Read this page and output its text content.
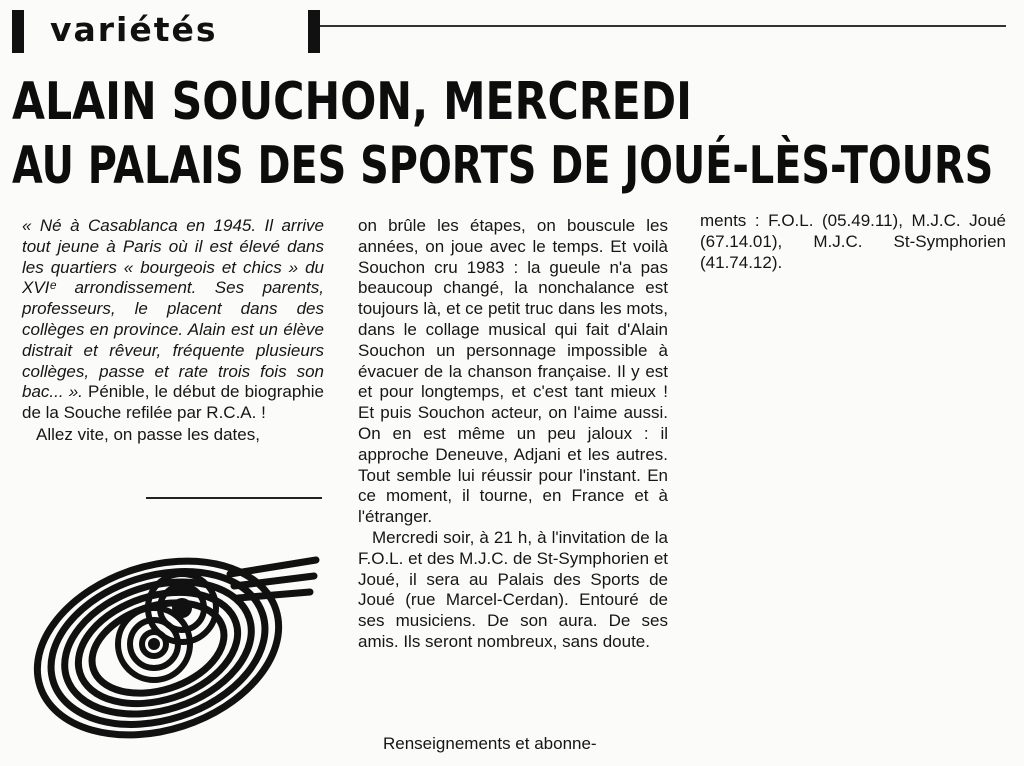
variétés
ALAIN SOUCHON, MERCREDI
AU PALAIS DES SPORTS DE JOUÉ-LÈS-TOURS

« Né à Casablanca en 1945. Il arrive tout jeune à Paris où il est élevé dans les quartiers « bourgeois et chics » du XVIᵉ arrondissement. Ses parents, professeurs, le placent dans des collèges en province. Alain est un élève distrait et rêveur, fréquente plusieurs collèges, passe et rate trois fois son bac... ». Pénible, le début de biographie de la Souche refilée par R.C.A. !

Allez vite, on passe les dates,

on brûle les étapes, on bouscule les années, on joue avec le temps. Et voilà Souchon cru 1983 : la gueule n'a pas beaucoup changé, la nonchalance est toujours là, et ce petit truc dans les mots, dans le collage musical qui fait d'Alain Souchon un personnage impossible à évacuer de la chanson française. Il y est et pour longtemps, et c'est tant mieux ! Et puis Souchon acteur, on l'aime aussi. On en est même un peu jaloux : il approche Deneuve, Adjani et les autres. Tout semble lui réussir pour l'instant. En ce moment, il tourne, en France et à l'étranger.

Mercredi soir, à 21 h, à l'invitation de la F.O.L. et des M.J.C. de St-Symphorien et Joué, il sera au Palais des Sports de Joué (rue Marcel-Cerdan). Entouré de ses musiciens. De son aura. De ses amis. Ils seront nombreux, sans doute.

Renseignements et abonne-

ments : F.O.L. (05.49.11), M.J.C. Joué (67.14.01), M.J.C. St-Symphorien (41.74.12).
